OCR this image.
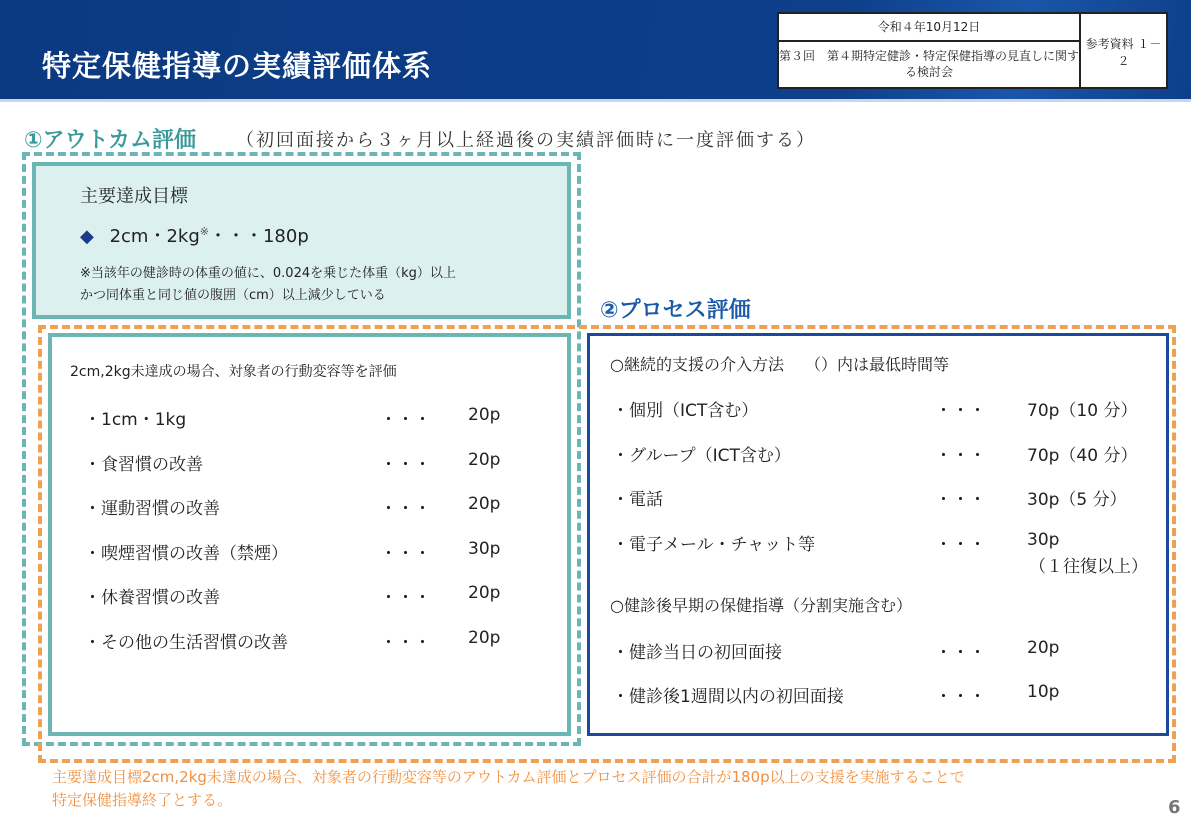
特定保健指導の実績評価体系
令和４年10月12日
第３回　第４期特定健診・特定保健指導の見直しに関する検討会
参考資料 １－２
①アウトカム評価 （初回面接から３ヶ月以上経過後の実績評価時に一度評価する）
主要達成目標
◆ 2cm・2kg※・・・180p
※当該年の健診時の体重の値に、0.024を乗じた体重（kg）以上
かつ同体重と同じ値の腹囲（cm）以上減少している
2cm,2kg未達成の場合、対象者の行動変容等を評価
・1cm・1kg	・・・ 20p
・食習慣の改善	・・・ 20p
・運動習慣の改善	・・・ 20p
・喫煙習慣の改善（禁煙）	・・・ 30p
・休養習慣の改善	・・・ 20p
・その他の生活習慣の改善	・・・ 20p
②プロセス評価
○継続的支援の介入方法　 （）内は最低時間等
・個別（ICT含む）	・・・ 70p（10 分）
・グループ（ICT含む）	・・・ 70p（40 分）
・電話	・・・ 30p（5 分）
・電子メール・チャット等	・・・ 30p
（１往復以上）
○健診後早期の保健指導（分割実施含む）
・健診当日の初回面接	・・・ 20p
・健診後1週間以内の初回面接	・・・ 10p
主要達成目標2cm,2kg未達成の場合、対象者の行動変容等のアウトカム評価とプロセス評価の合計が180p以上の支援を実施することで
特定保健指導終了とする。	6
